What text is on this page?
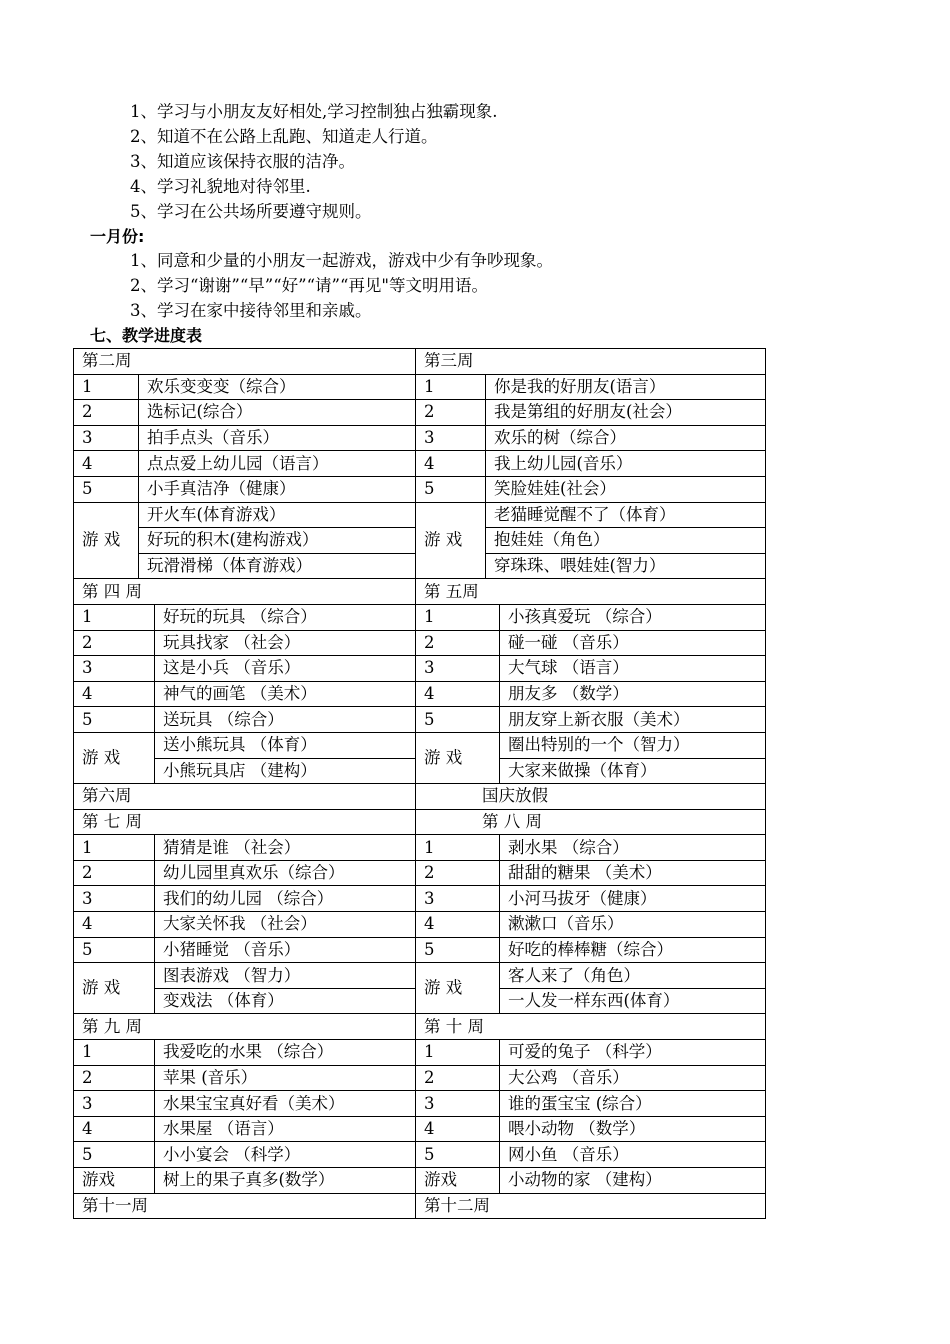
1、学习与小朋友友好相处,学习控制独占独霸现象.
2、知道不在公路上乱跑、知道走人行道。
3、知道应该保持衣服的洁净。
4、学习礼貌地对待邻里.
5、学习在公共场所要遵守规则。
一月份:
1、同意和少量的小朋友一起游戏，游戏中少有争吵现象。
2、学习“谢谢”“早”“好”“请”“再见"等文明用语。
3、学习在家中接待邻里和亲戚。
七、教学进度表
第二周			第三周		
1	欢乐变变变（综合）		1	你是我的好朋友(语言）	
2	选标记(综合）		2	我是第组的好朋友(社会）	
3	拍手点头（音乐）		3	欢乐的树（综合）	
4	点点爱上幼儿园（语言）		4	我上幼儿园(音乐）	
5	小手真洁净（健康）		5	笑脸娃娃(社会）	
游 戏	开火车(体育游戏）		游 戏	老猫睡觉醒不了（体育）	
	好玩的积木(建构游戏）			抱娃娃（角色）	
	玩滑滑梯（体育游戏）			穿珠珠、喂娃娃(智力）	
第 四 周			第 五周		
1		好玩的玩具 （综合）	1		小孩真爱玩 （综合）
2		玩具找家 （社会）	2		碰一碰 （音乐）
3		这是小兵 （音乐）	3		大气球 （语言）
4		神气的画笔 （美术）	4		朋友多 （数学）
5		送玩具 （综合）	5		朋友穿上新衣服（美术）
游 戏		送小熊玩具 （体育）	游 戏		圈出特别的一个（智力）
		小熊玩具店 （建构）			大家来做操（体育）
第六周			国庆放假		
第 七 周			第 八 周		
1		猜猜是谁 （社会）	1		剥水果 （综合）
2		幼儿园里真欢乐（综合）	2		甜甜的糖果 （美术）
3		我们的幼儿园 （综合）	3		小河马拔牙（健康）
4		大家关怀我 （社会）	4		漱漱口（音乐）
5		小猪睡觉 （音乐）	5		好吃的棒棒糖（综合）
游 戏		图表游戏 （智力）	游 戏		客人来了（角色）
		变戏法 （体育）			一人发一样东西(体育）
第 九 周			第 十 周		
1		我爱吃的水果 （综合）	1		可爱的兔子 （科学）
2		苹果 (音乐）	2		大公鸡 （音乐）
3		水果宝宝真好看（美术）	3		谁的蛋宝宝 (综合）
4		水果屋 （语言）	4		喂小动物 （数学）
5		小小宴会 （科学）	5		网小鱼 （音乐）
游戏		树上的果子真多(数学）	游戏		小动物的家 （建构）
第十一周			第十二周		
